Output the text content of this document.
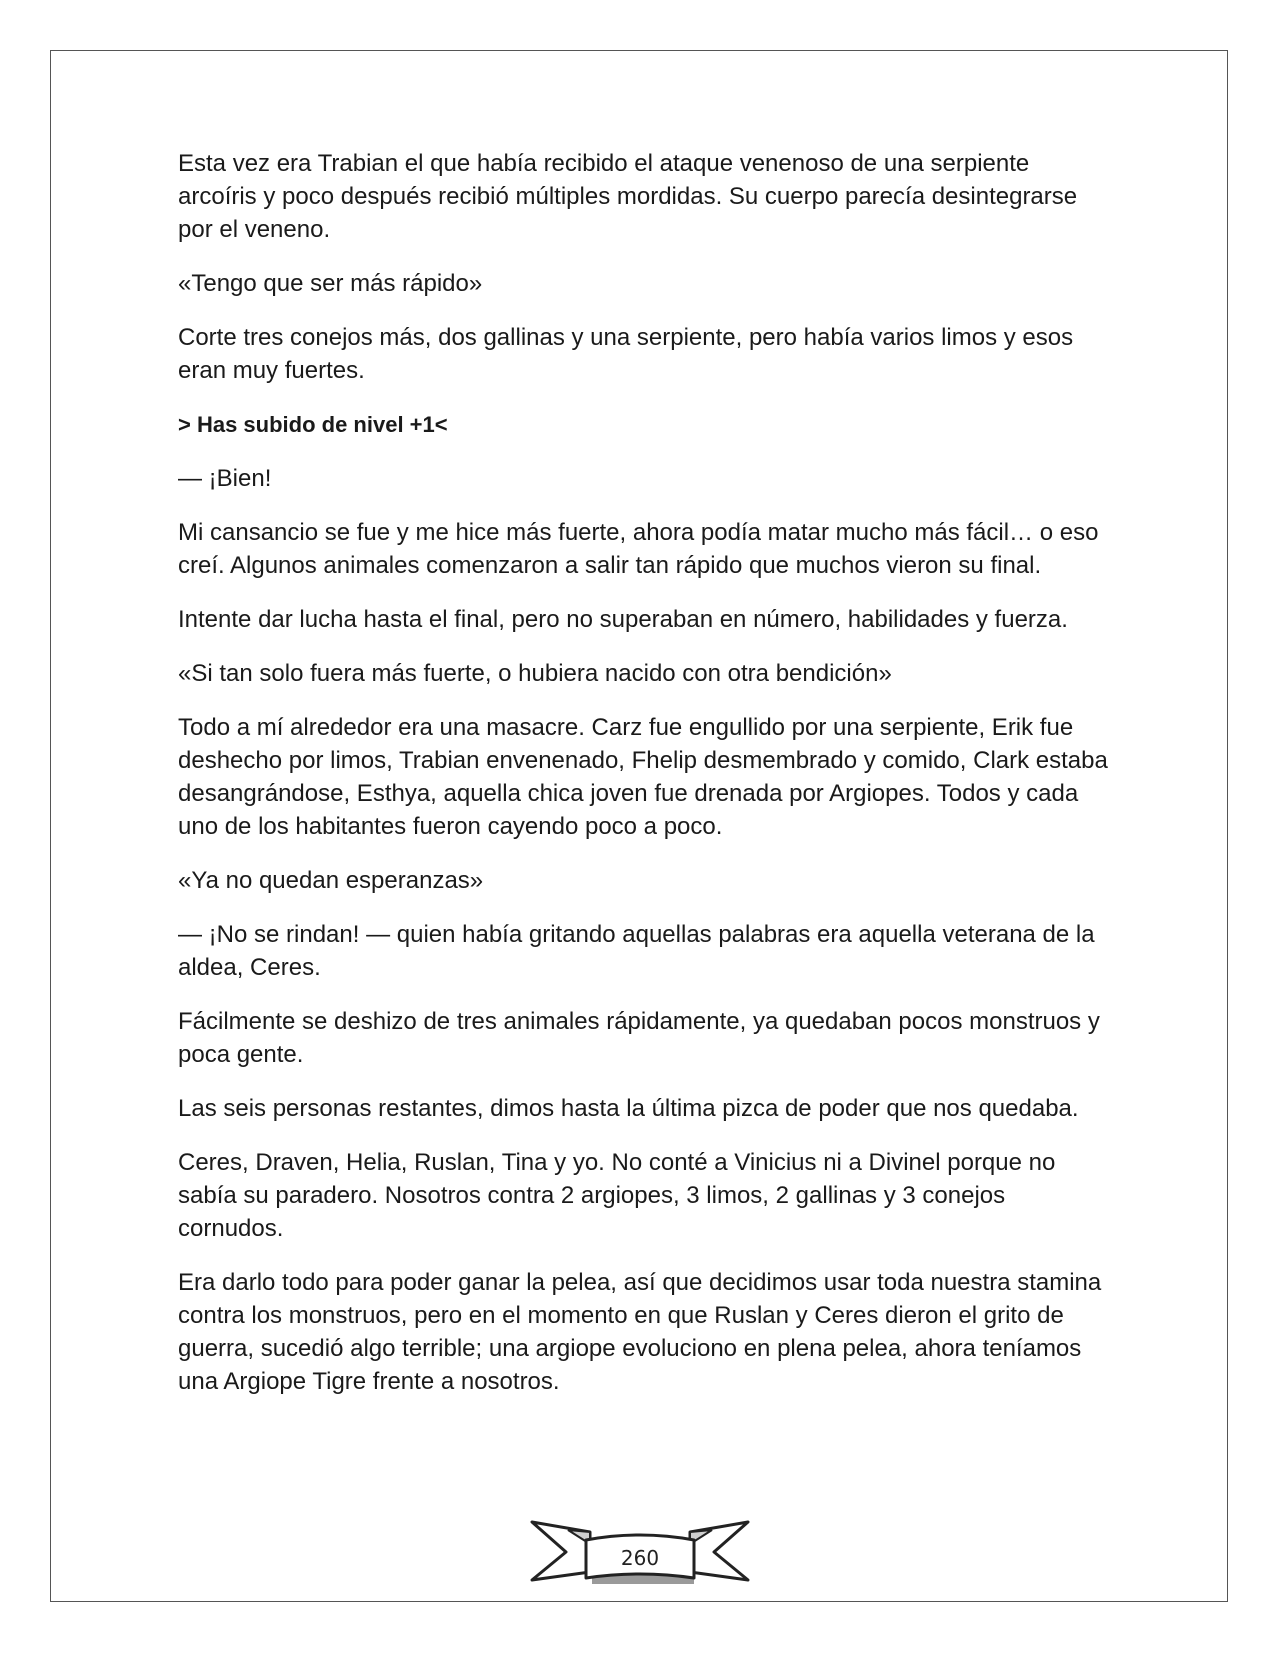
Esta vez era Trabian el que había recibido el ataque venenoso de una serpiente arcoíris y poco después recibió múltiples mordidas. Su cuerpo parecía desintegrarse por el veneno.

«Tengo que ser más rápido»

Corte tres conejos más, dos gallinas y una serpiente, pero había varios limos y esos eran muy fuertes.

> Has subido de nivel +1<

— ¡Bien!

Mi cansancio se fue y me hice más fuerte, ahora podía matar mucho más fácil… o eso creí. Algunos animales comenzaron a salir tan rápido que muchos vieron su final.

Intente dar lucha hasta el final, pero no superaban en número, habilidades y fuerza.

«Si tan solo fuera más fuerte, o hubiera nacido con otra bendición»

Todo a mí alrededor era una masacre. Carz fue engullido por una serpiente, Erik fue deshecho por limos, Trabian envenenado, Fhelip desmembrado y comido, Clark estaba desangrándose, Esthya, aquella chica joven fue drenada por Argiopes. Todos y cada uno de los habitantes fueron cayendo poco a poco.

«Ya no quedan esperanzas»

— ¡No se rindan! — quien había gritando aquellas palabras era aquella veterana de la aldea, Ceres.

Fácilmente se deshizo de tres animales rápidamente, ya quedaban pocos monstruos y poca gente.

Las seis personas restantes, dimos hasta la última pizca de poder que nos quedaba.

Ceres, Draven, Helia, Ruslan, Tina y yo. No conté a Vinicius ni a Divinel porque no sabía su paradero. Nosotros contra 2 argiopes, 3 limos, 2 gallinas y 3 conejos cornudos.

Era darlo todo para poder ganar la pelea, así que decidimos usar toda nuestra stamina contra los monstruos, pero en el momento en que Ruslan y Ceres dieron el grito de guerra, sucedió algo terrible; una argiope evoluciono en plena pelea, ahora teníamos una Argiope Tigre frente a nosotros.

260
